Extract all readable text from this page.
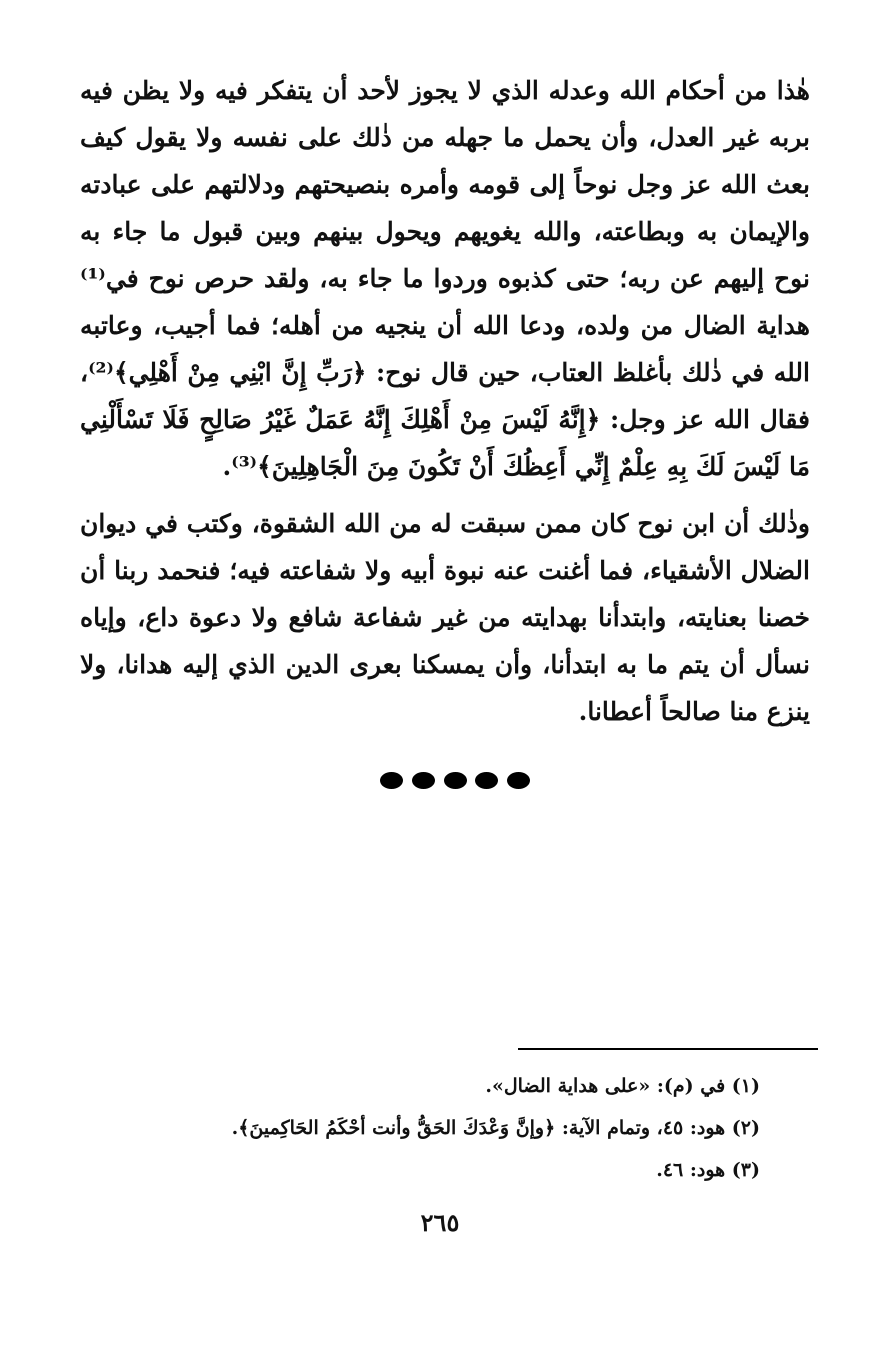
هٰذا من أحكام الله وعدله الذي لا يجوز لأحد أن يتفكر فيه ولا يظن فيه بربه غير العدل، وأن يحمل ما جهله من ذٰلك على نفسه ولا يقول كيف بعث الله عز وجل نوحاً إلى قومه وأمره بنصيحتهم ودلالتهم على عبادته والإيمان به وبطاعته، والله يغويهم ويحول بينهم وبين قبول ما جاء به نوح إليهم عن ربه؛ حتى كذبوه وردوا ما جاء به، ولقد حرص نوح في⁽¹⁾ هداية الضال من ولده، ودعا الله أن ينجيه من أهله؛ فما أجيب، وعاتبه الله في ذٰلك بأغلظ العتاب، حين قال نوح: ﴿رَبِّ إِنَّ ابْنِي مِنْ أَهْلِي﴾⁽²⁾، فقال الله عز وجل: ﴿إِنَّهُ لَيْسَ مِنْ أَهْلِكَ إِنَّهُ عَمَلٌ غَيْرُ صَالِحٍ فَلَا تَسْأَلْنِي مَا لَيْسَ لَكَ بِهِ عِلْمٌ إِنِّي أَعِظُكَ أَنْ تَكُونَ مِنَ الْجَاهِلِينَ﴾⁽³⁾.

وذٰلك أن ابن نوح كان ممن سبقت له من الله الشقوة، وكتب في ديوان الضلال الأشقياء، فما أغنت عنه نبوة أبيه ولا شفاعته فيه؛ فنحمد ربنا أن خصنا بعنايته، وابتدأنا بهدايته من غير شفاعة شافع ولا دعوة داع، وإياه نسأل أن يتم ما به ابتدأنا، وأن يمسكنا بعرى الدين الذي إليه هدانا، ولا ينزع منا صالحاً أعطانا.

(١) في (م): «على هداية الضال».
(٢) هود: ٤٥، وتمام الآية: ﴿وإنَّ وَعْدَكَ الحَقُّ وأنت أحْكَمُ الحَاكِمينَ﴾.
(٣) هود: ٤٦.
٢٦٥
